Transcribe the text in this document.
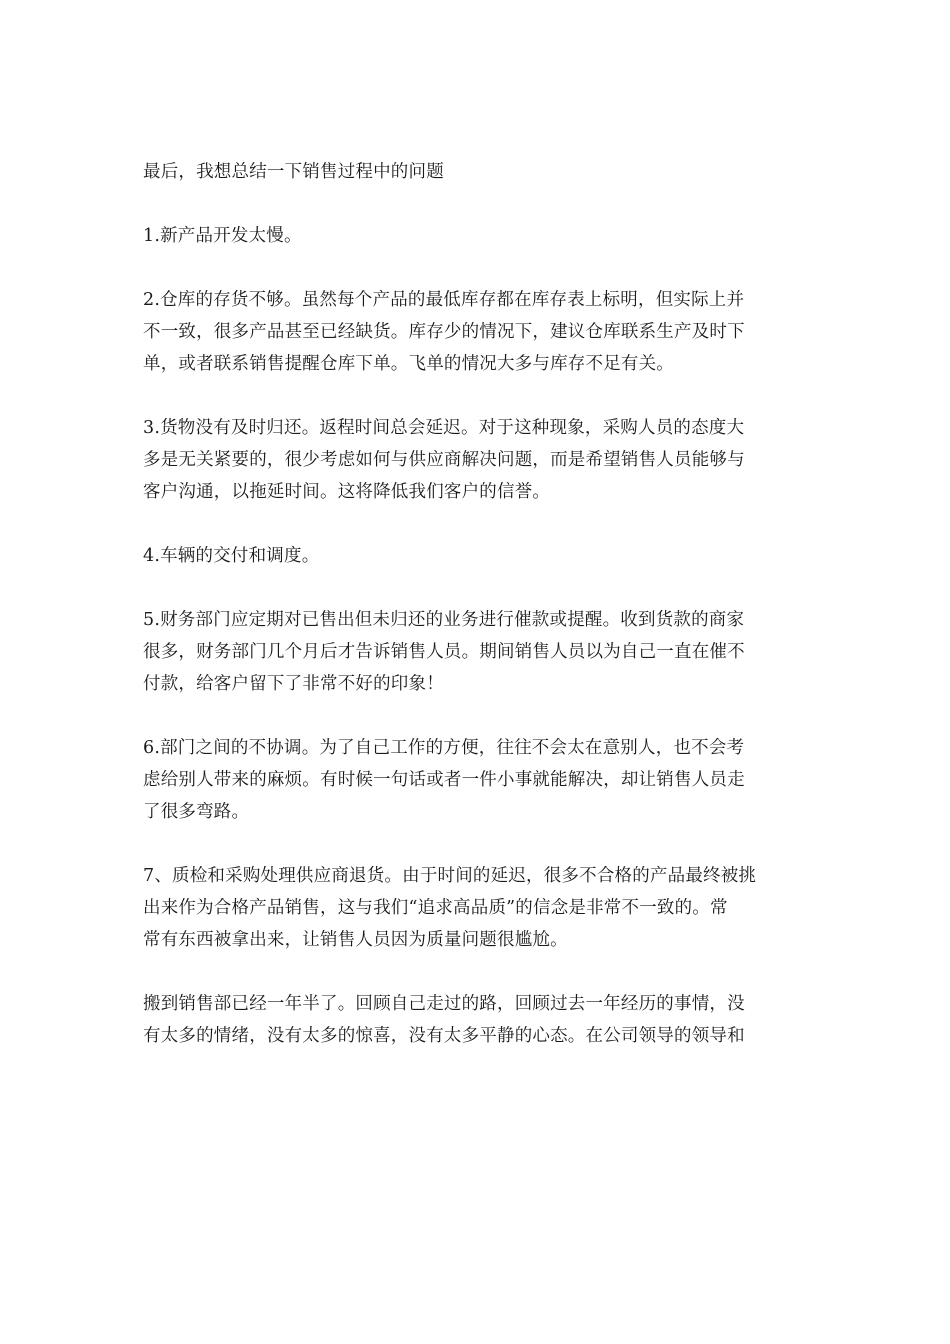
最后，我想总结一下销售过程中的问题

1.新产品开发太慢。

2.仓库的存货不够。虽然每个产品的最低库存都在库存表上标明，但实际上并
不一致，很多产品甚至已经缺货。库存少的情况下，建议仓库联系生产及时下
单，或者联系销售提醒仓库下单。飞单的情况大多与库存不足有关。

3.货物没有及时归还。返程时间总会延迟。对于这种现象，采购人员的态度大
多是无关紧要的，很少考虑如何与供应商解决问题，而是希望销售人员能够与
客户沟通，以拖延时间。这将降低我们客户的信誉。

4.车辆的交付和调度。

5.财务部门应定期对已售出但未归还的业务进行催款或提醒。收到货款的商家
很多，财务部门几个月后才告诉销售人员。期间销售人员以为自己一直在催不
付款，给客户留下了非常不好的印象！

6.部门之间的不协调。为了自己工作的方便，往往不会太在意别人，也不会考
虑给别人带来的麻烦。有时候一句话或者一件小事就能解决，却让销售人员走
了很多弯路。

7、质检和采购处理供应商退货。由于时间的延迟，很多不合格的产品最终被挑
出来作为合格产品销售，这与我们“追求高品质”的信念是非常不一致的。常
常有东西被拿出来，让销售人员因为质量问题很尴尬。

搬到销售部已经一年半了。回顾自己走过的路，回顾过去一年经历的事情，没
有太多的情绪，没有太多的惊喜，没有太多平静的心态。在公司领导的领导和
